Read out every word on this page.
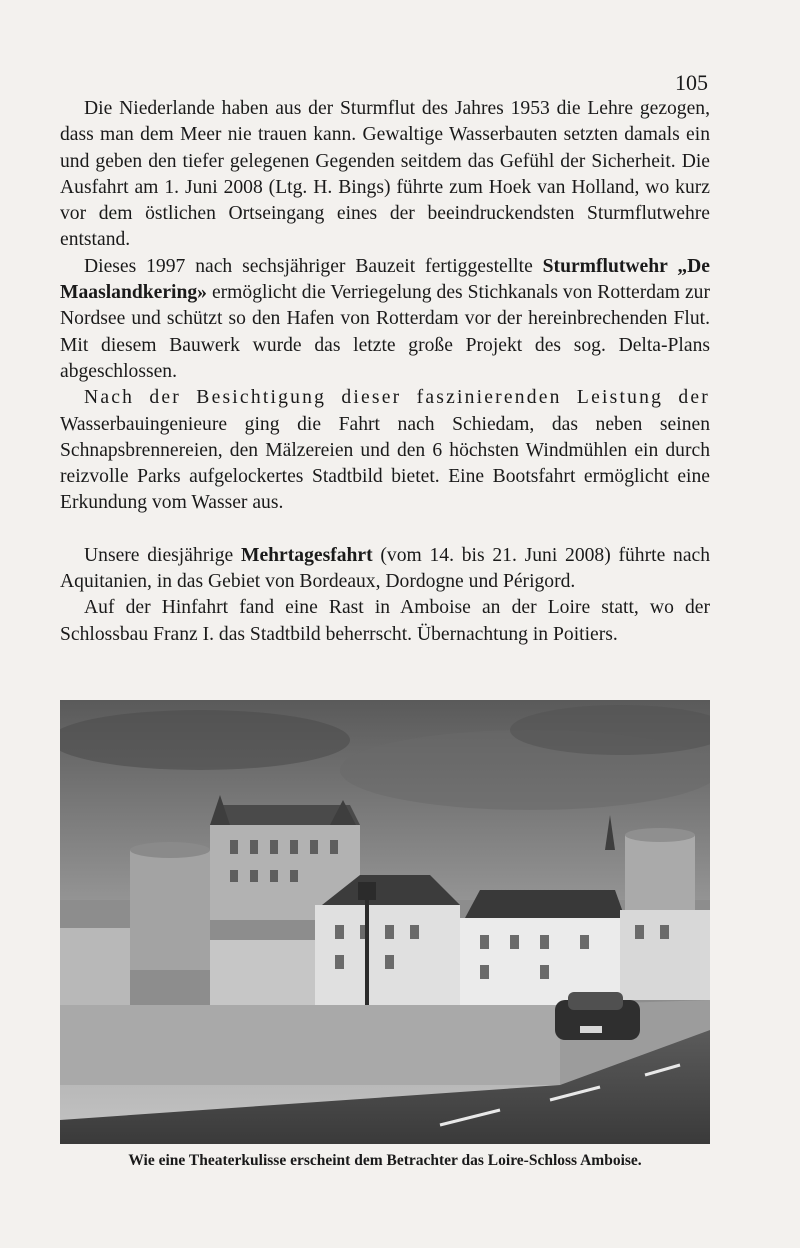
105

Die Niederlande haben aus der Sturmflut des Jahres 1953 die Lehre gezogen, dass man dem Meer nie trauen kann. Gewaltige Wasserbauten setzten damals ein und geben den tiefer gelegenen Gegenden seitdem das Gefühl der Sicherheit. Die Ausfahrt am 1. Juni 2008 (Ltg. H. Bings) führte zum Hoek van Holland, wo kurz vor dem östlichen Ortseingang eines der beeindruckendsten Sturmflutwehre entstand.

Dieses 1997 nach sechsjähriger Bauzeit fertiggestellte Sturmflutwehr „De Maaslandkering» ermöglicht die Verriegelung des Stichkanals von Rotterdam zur Nordsee und schützt so den Hafen von Rotterdam vor der hereinbrechenden Flut. Mit diesem Bauwerk wurde das letzte große Projekt des sog. Delta-Plans abgeschlossen.

Nach der Besichtigung dieser faszinierenden Leistung der Wasserbauingenieure ging die Fahrt nach Schiedam, das neben seinen Schnapsbrennereien, den Mälzereien und den 6 höchsten Windmühlen ein durch reizvolle Parks aufgelockertes Stadtbild bietet. Eine Bootsfahrt ermöglicht eine Erkundung vom Wasser aus.

Unsere diesjährige Mehrtagesfahrt (vom 14. bis 21. Juni 2008) führte nach Aquitanien, in das Gebiet von Bordeaux, Dordogne und Périgord.

Auf der Hinfahrt fand eine Rast in Amboise an der Loire statt, wo der Schlossbau Franz I. das Stadtbild beherrscht. Übernachtung in Poitiers.

Wie eine Theaterkulisse erscheint dem Betrachter das Loire-Schloss Amboise.
